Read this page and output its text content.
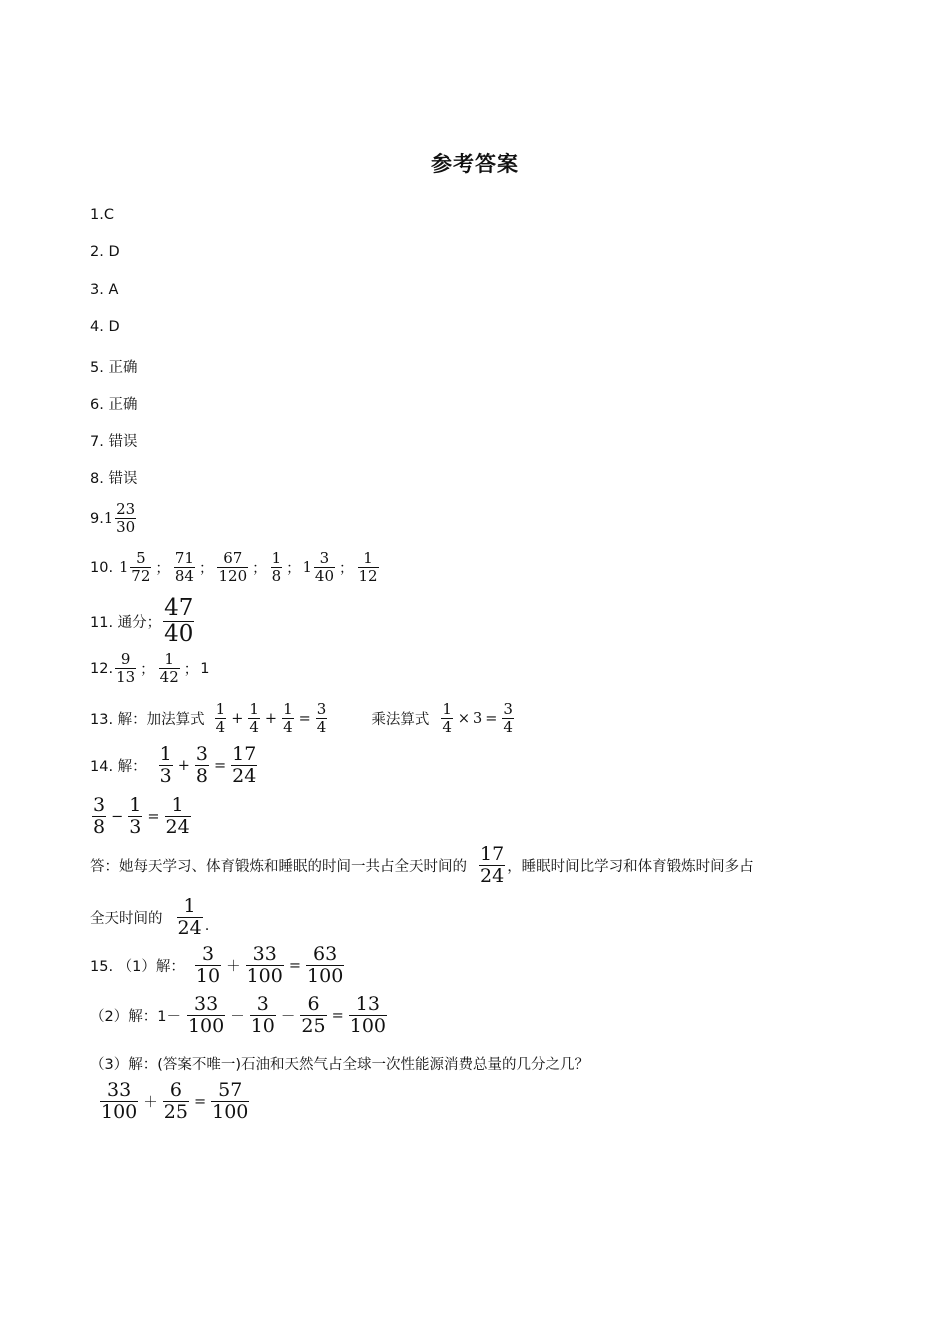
参考答案
1.C
2. D
3. A
4. D
5. 正确
6. 正确
7. 错误
8. 错误
9. $1 \frac{23}{30}$
10. $1 \frac{5}{72}$ ； $\frac{71}{84}$ ； $\frac{67}{120}$ ； $\frac{1}{8}$ ； $1 \frac{3}{40}$ ； $\frac{1}{12}$
11. 通分； $\frac{47}{40}$
12. $\frac{9}{13}$ ； $\frac{1}{42}$ ； 1
13. 解：加法算式 $\frac{1}{4} + \frac{1}{4} + \frac{1}{4} = \frac{3}{4}$	乘法算式 $\frac{1}{4} \times 3 = \frac{3}{4}$
14. 解： $\frac{1}{3} + \frac{3}{8} = \frac{17}{24}$
$\frac{3}{8} - \frac{1}{3} = \frac{1}{24}$
答：她每天学习、体育锻炼和睡眠的时间一共占全天时间的 $\frac{17}{24}$ ，睡眠时间比学习和体育锻炼时间多占
全天时间的 $\frac{1}{24}$ .
15. （1）解： $\frac{3}{10} + \frac{33}{100} = \frac{63}{100}$
（2）解：$1- \frac{33}{100} - \frac{3}{10} - \frac{6}{25} = \frac{13}{100}$
（3）解：(答案不唯一)石油和天然气占全球一次性能源消费总量的几分之几？
$\frac{33}{100} + \frac{6}{25} = \frac{57}{100}$
